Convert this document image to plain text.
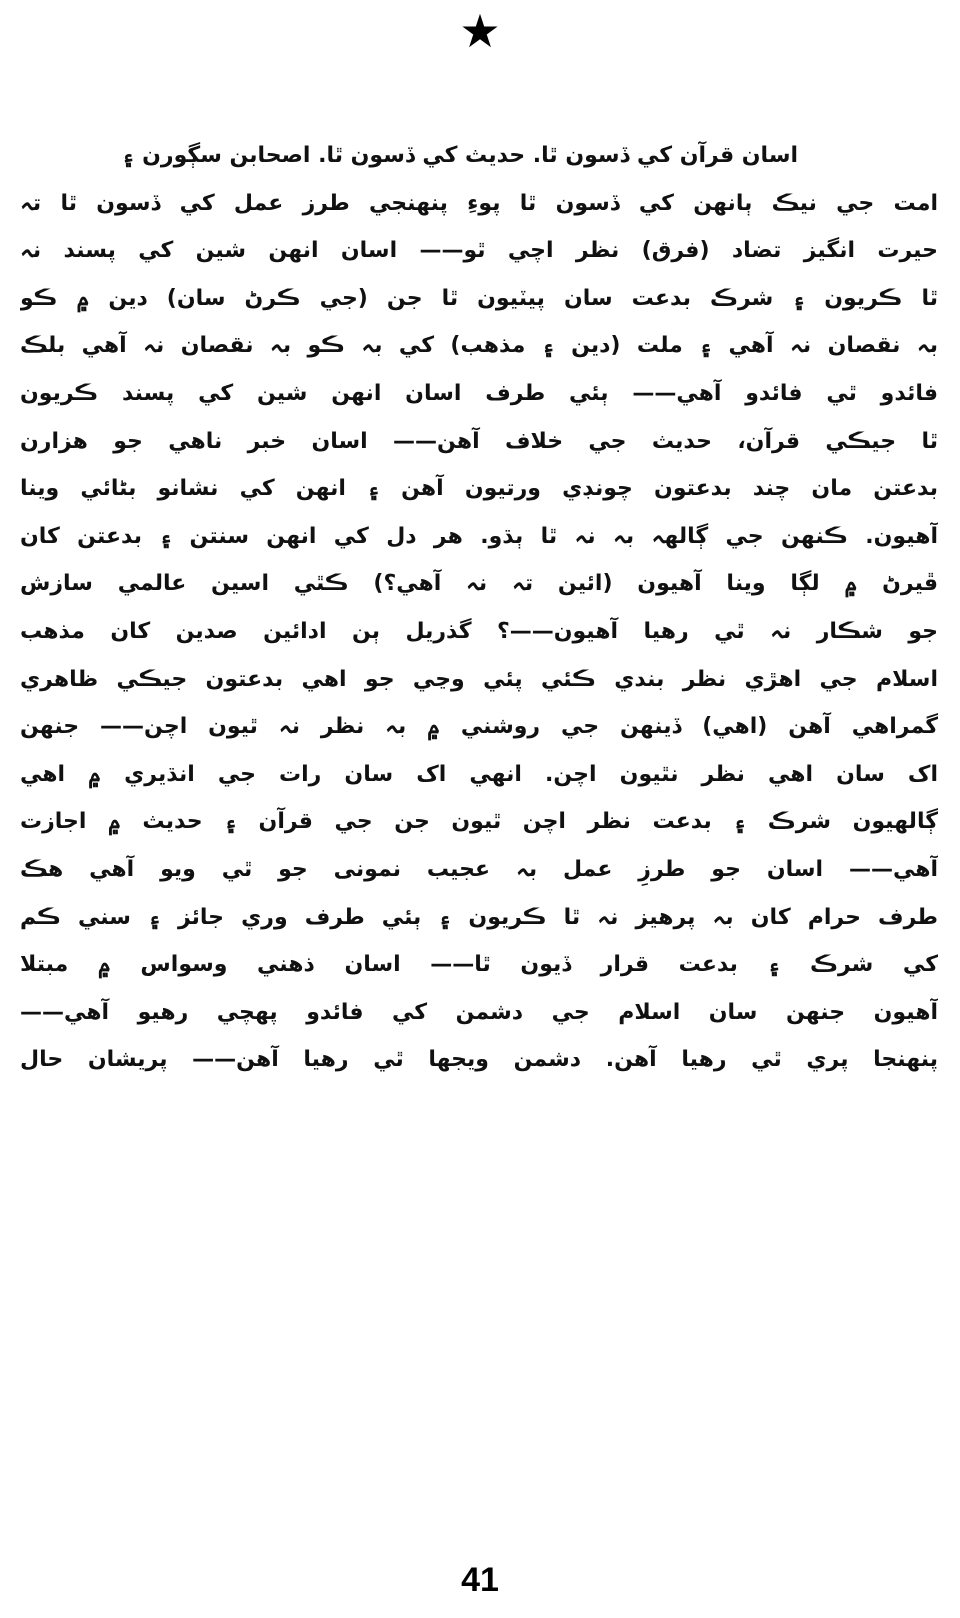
★
اسان قرآن کي ڏسون ٿا. حديث کي ڏسون ٿا. اصحابن سڳورن ۽
امت جي نيڪ ٻانهن کي ڏسون ٿا پوءِ پنهنجي طرز عمل کي ڏسون ٿا تہ
حيرت انگيز تضاد (فرق) نظر اچي ٿو—— اسان انهن شين کي پسند نہ
ٿا ڪريون ۽ شرڪ بدعت سان پيٽيون ٿا جن (جي ڪرڻ سان) دين ۾ ڪو
بہ نقصان نہ آهي ۽ ملت (دين ۽ مذهب) کي بہ ڪو بہ نقصان نہ آهي بلڪ
فائدو ٿي فائدو آهي—— ٻئي طرف اسان انهن شين کي پسند ڪريون
ٿا جيڪي قرآن، حديث جي خلاف آهن—— اسان خبر ناهي جو هزارن
بدعتن مان چند بدعتون چونڊي ورتيون آهن ۽ انهن کي نشانو بڻائي وينا
آهيون. ڪنهن جي ڳالهہ بہ نہ ٿا ٻڌو. هر دل کي انهن سنتن ۽ بدعتن کان
ڦيرڻ ۾ لڳا وينا آهيون (ائين تہ نہ آهي؟) ڪٿي اسين عالمي سازش
جو شڪار نہ ٿي رهيا آهيون——؟ گذريل ٻن ادائين صدين کان مذهب
اسلام جي اهڙي نظر بندي ڪئي پئي وڃي جو اهي بدعتون جيڪي ظاهري
گمراهي آهن (اهي) ڏينهن جي روشني ۾ بہ نظر نہ ٿيون اچن—— جنهن
اک سان اهي نظر نٿيون اچن. انهي اک سان رات جي انڌيري ۾ اهي
ڳالهيون شرڪ ۽ بدعت نظر اچن ٿيون جن جي قرآن ۽ حديث ۾ اجازت
آهي—— اسان جو طرزِ عمل بہ عجيب نمونی جو ٿي ويو آهي هڪ
طرف حرام کان بہ پرهيز نہ ٿا ڪريون ۽ ٻئي طرف وري جائز ۽ سني ڪم
کي شرڪ ۽ بدعت قرار ڏيون ٿا—— اسان ذهني وسواس ۾ مبتلا
آهيون جنهن سان اسلام جي دشمن کي فائدو پهچي رهيو آهي——
پنهنجا پري ٿي رهيا آهن. دشمن ويجها ٿي رهيا آهن—— پريشان حال
41
